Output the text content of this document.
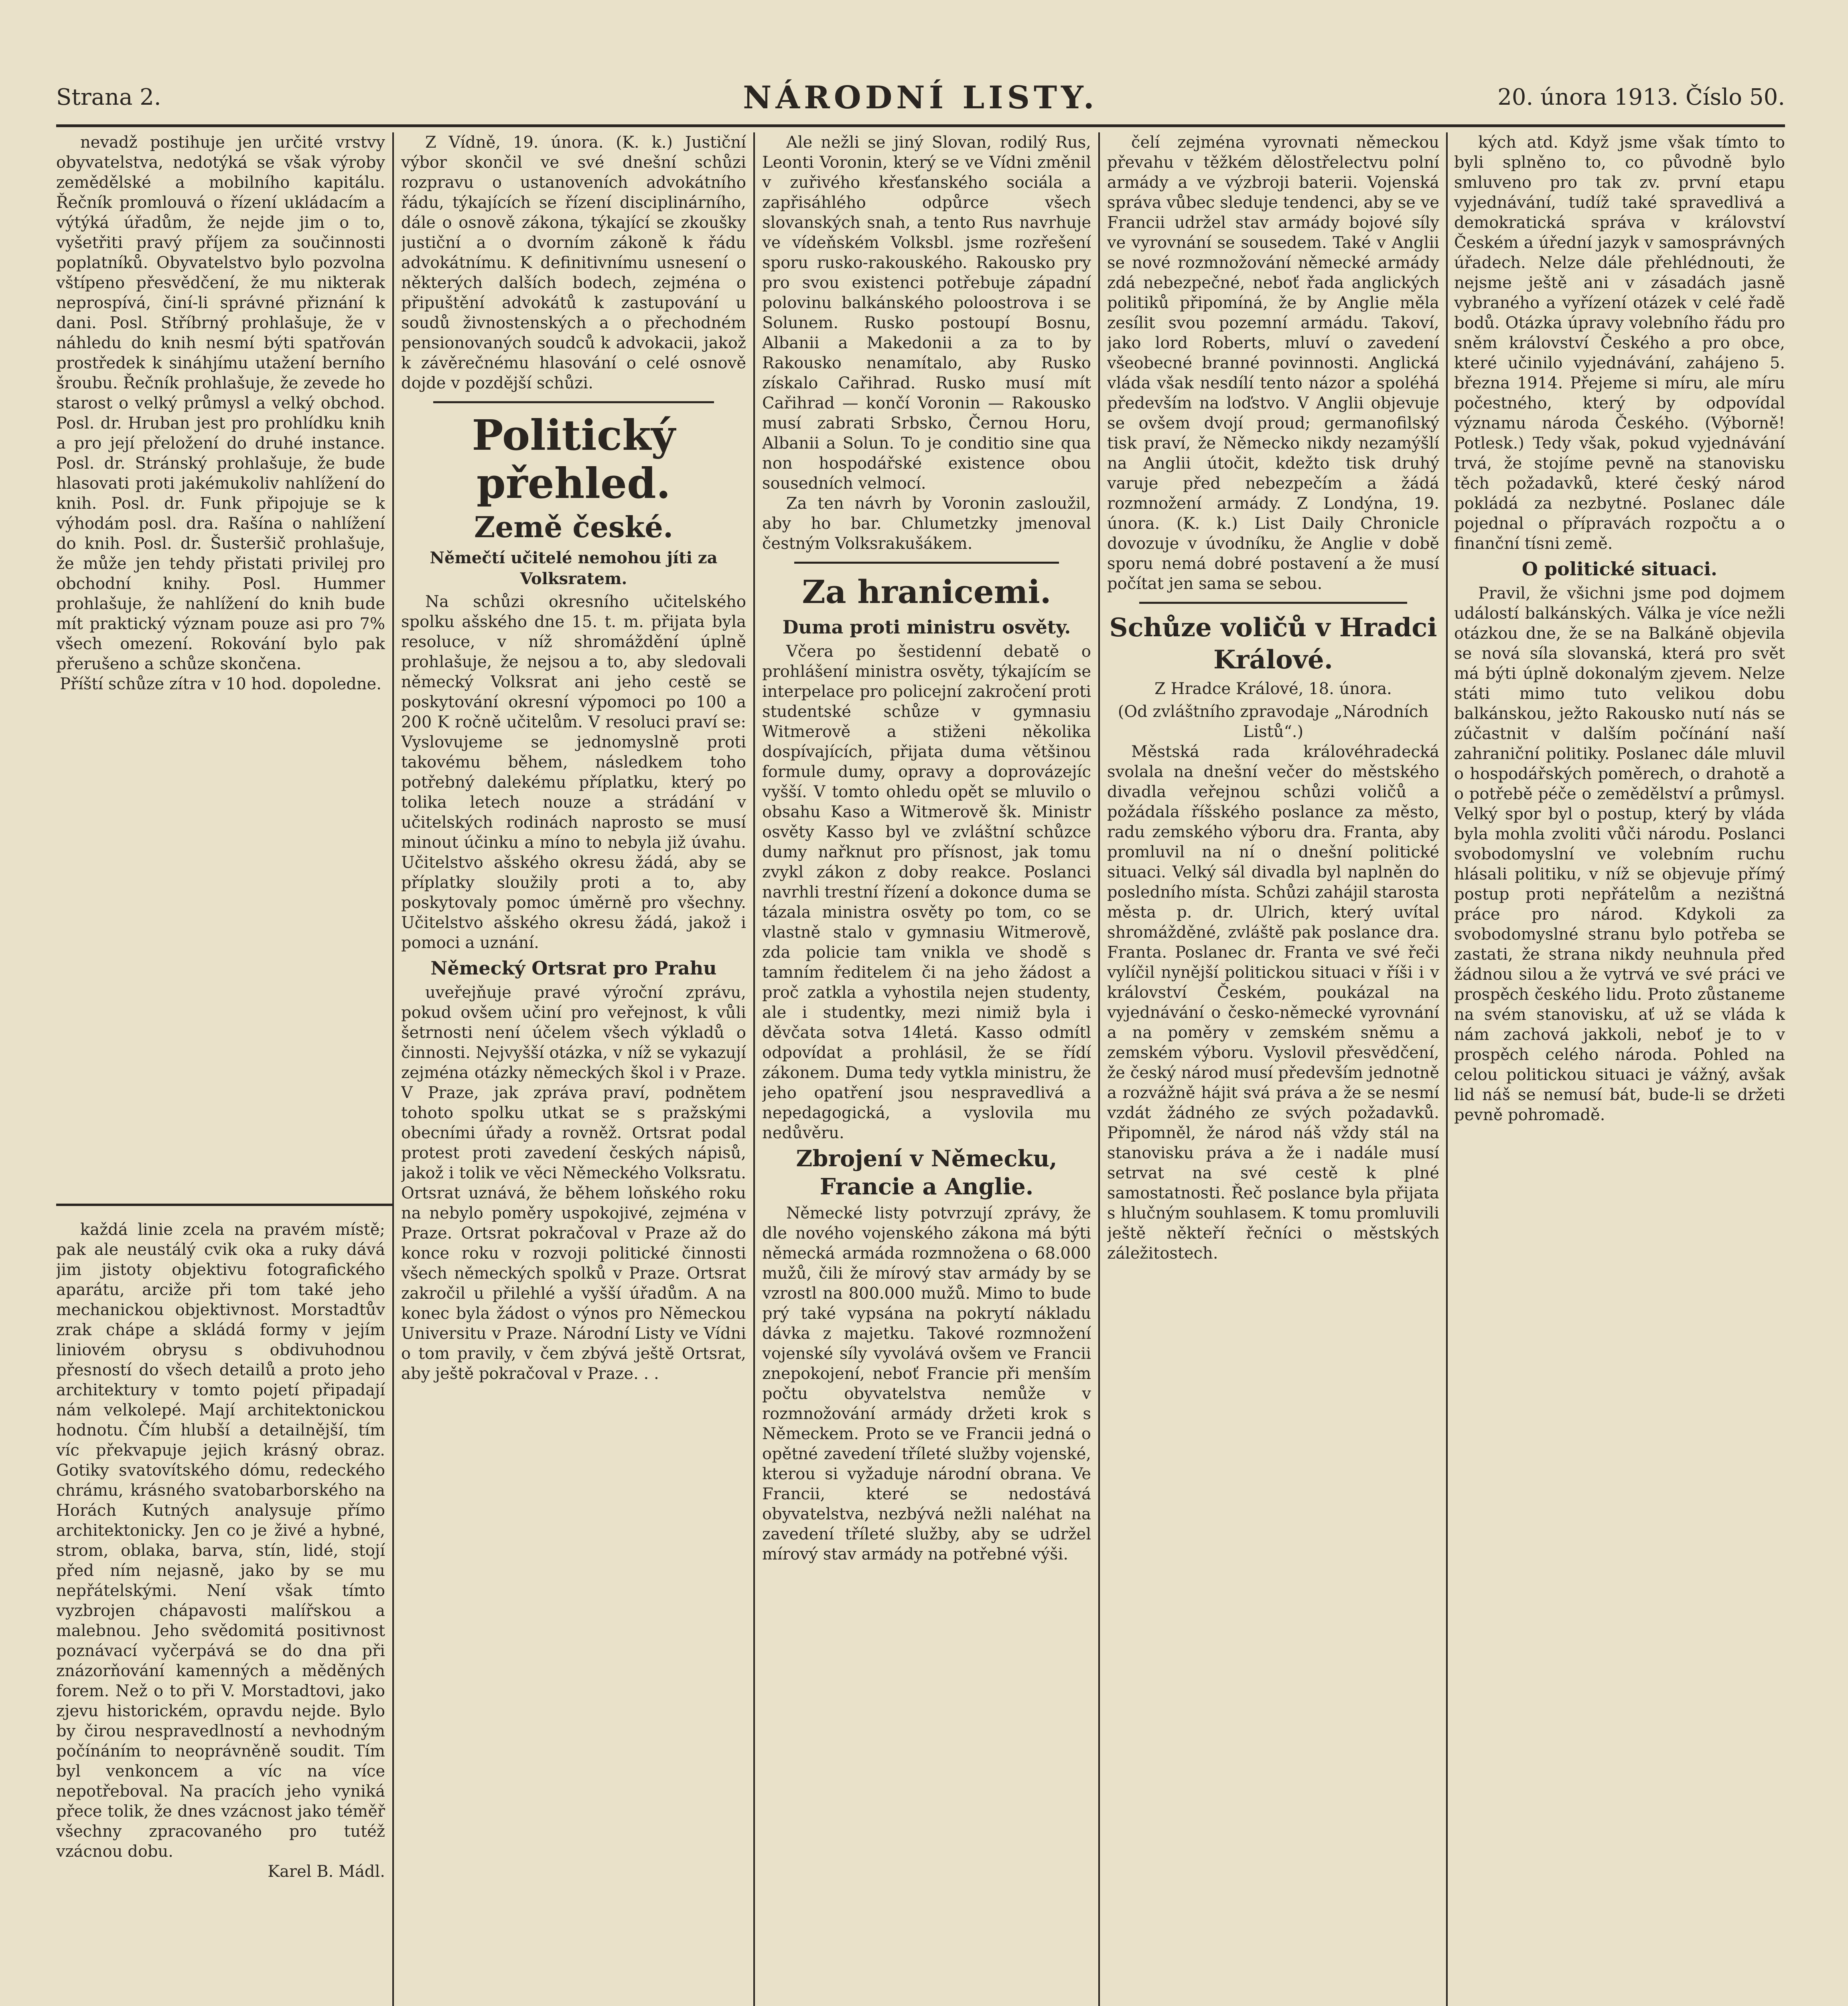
Strana 2.	NÁRODNÍ LISTY.	20. února 1913. Číslo 50.

nevadž postihuje jen určité vrstvy obyvatelstva, nedotýká se však výroby zemědělské a mobilního kapitálu. Řečník promlouvá o řízení ukládacím a výtýká úřadům, že nejde jim o to, vyšetřiti pravý příjem za součinnosti poplatníků. Obyvatelstvo bylo pozvolna vštípeno přesvědčení, že mu nikterak neprospívá, činí-li správné přiznání k dani. Posl. Stříbrný prohlašuje, že v náhledu do knih nesmí býti spatřován prostředek k sináhjímu utažení berního šroubu. Řečník prohlašuje, že zevede ho starost o velký průmysl a velký obchod. Posl. dr. Hruban jest pro prohlídku knih a pro její přeložení do druhé instance. Posl. dr. Stránský prohlašuje, že bude hlasovati proti jakémukoliv nahlížení do knih. Posl. dr. Funk připojuje se k výhodám posl. dra. Rašína o nahlížení do knih. Posl. dr. Šusteršič prohlašuje, že může jen tehdy přistati privilej pro obchodní knihy. Posl. Hummer prohlašuje, že nahlížení do knih bude mít praktický význam pouze asi pro 7% všech omezení. Rokování bylo pak přerušeno a schůze skončena.

Příští schůze zítra v 10 hod. dopoledne.

každá linie zcela na pravém místě; pak ale neustálý cvik oka a ruky dává jim jistoty objektivu fotografického aparátu, arciže při tom také jeho mechanickou objektivnost. Morstadtův zrak chápe a skládá formy v jejím liniovém obrysu s obdivuhodnou přesností do všech detailů a proto jeho architektury v tomto pojetí připadají nám velkolepé. Mají architektonickou hodnotu. Čím hlubší a detailnější, tím víc překvapuje jejich krásný obraz. Gotiky svatovítského dómu, redeckého chrámu, krásného svatobarborského na Horách Kutných analysuje přímo architektonicky. Jen co je živé a hybné, strom, oblaka, barva, stín, lidé, stojí před ním nejasně, jako by se mu nepřátelskými. Není však tímto vyzbrojen chápavosti malířskou a malebnou. Jeho svědomitá positivnost poznávací vyčerpává se do dna při znázorňování kamenných a měděných forem. Než o to při V. Morstadtovi, jako zjevu historickém, opravdu nejde. Bylo by čirou nespravedlností a nevhodným počínáním to neoprávněně soudit. Tím byl venkoncem a víc na více nepotřeboval. Na pracích jeho vyniká přece tolik, že dnes vzácnost jako téměř všechny zpracovaného pro tutéž vzácnou dobu.

Karel B. Mádl.

Z Vídně, 19. února. (K. k.) Justiční výbor skončil ve své dnešní schůzi rozpravu o ustanoveních advokátního řádu, týkajících se řízení disciplinárního, dále o osnově zákona, týkající se zkoušky justiční a o dvorním zákoně k řádu advokátnímu. K definitivnímu usnesení o některých dalších bodech, zejména o připuštění advokátů k zastupování u soudů živnostenských a o přechodném pensionovaných soudců k advokacii, jakož k závěrečnému hlasování o celé osnově dojde v pozdější schůzi.

Politický přehled.
Země české.
Němečtí učitelé nemohou jíti za Volksratem.

Na schůzi okresního učitelského spolku ašského dne 15. t. m. přijata byla resoluce, v níž shromáždění úplně prohlašuje, že nejsou a to, aby sledovali německý Volksrat ani jeho cestě se poskytování okresní výpomoci po 100 a 200 K ročně učitelům. V resoluci praví se: Vyslovujeme se jednomyslně proti takovému během, následkem toho potřebný dalekému příplatku, který po tolika letech nouze a strádání v učitelských rodinách naprosto se musí minout účinku a míno to nebyla již úvahu. Učitelstvo ašského okresu žádá, aby se příplatky sloužily proti a to, aby poskytovaly pomoc úměrně pro všechny. Učitelstvo ašského okresu žádá, jakož i pomoci a uznání.

Německý Ortsrat pro Prahu

uveřejňuje pravé výroční zprávu, pokud ovšem učiní pro veřejnost, k vůli šetrnosti není účelem všech výkladů o činnosti. Nejvyšší otázka, v níž se vykazují zejména otázky německých škol i v Praze. V Praze, jak zpráva praví, podnětem tohoto spolku utkat se s pražskými obecními úřady a rovněž. Ortsrat podal protest proti zavedení českých nápisů, jakož i tolik ve věci Německého Volksratu. Ortsrat uznává, že během loňského roku na nebylo poměry uspokojivé, zejména v Praze. Ortsrat pokračoval v Praze až do konce roku v rozvoji politické činnosti všech německých spolků v Praze. Ortsrat zakročil u přilehlé a vyšší úřadům. A na konec byla žádost o výnos pro Německou Universitu v Praze. Národní Listy ve Vídni o tom pravily, v čem zbývá ještě Ortsrat, aby ještě pokračoval v Praze. . .

Ale nežli se jiný Slovan, rodilý Rus, Leonti Voronin, který se ve Vídni změnil v zuřivého křesťanského sociála a zapřisáhlého odpůrce všech slovanských snah, a tento Rus navrhuje ve vídeňském Volksbl. jsme rozřešení sporu rusko-rakouského. Rakousko pry pro svou existenci potřebuje západní polovinu balkánského poloostrova i se Solunem. Rusko postoupí Bosnu, Albanii a Makedonii a za to by Rakousko nenamítalo, aby Rusko získalo Cařihrad. Rusko musí mít Cařihrad — končí Voronin — Rakousko musí zabrati Srbsko, Černou Horu, Albanii a Solun. To je conditio sine qua non hospodářské existence obou sousedních velmocí.

Za ten návrh by Voronin zasloužil, aby ho bar. Chlumetzky jmenoval čestným Volksrakušákem.

Za hranicemi.
Duma proti ministru osvěty.

Včera po šestidenní debatě o prohlášení ministra osvěty, týkajícím se interpelace pro policejní zakročení proti studentské schůze v gymnasiu Witmerově a stiženi několika dospívajících, přijata duma většinou formule dumy, opravy a doprovázejíc vyšší. V tomto ohledu opět se mluvilo o obsahu Kaso a Witmerově šk. Ministr osvěty Kasso byl ve zvláštní schůzce dumy nařknut pro přísnost, jak tomu zvykl zákon z doby reakce. Poslanci navrhli trestní řízení a dokonce duma se tázala ministra osvěty po tom, co se vlastně stalo v gymnasiu Witmerově, zda policie tam vnikla ve shodě s tamním ředitelem či na jeho žádost a proč zatkla a vyhostila nejen studenty, ale i studentky, mezi nimiž byla i děvčata sotva 14letá. Kasso odmítl odpovídat a prohlásil, že se řídí zákonem. Duma tedy vytkla ministru, že jeho opatření jsou nespravedlivá a nepedagogická, a vyslovila mu nedůvěru.

Zbrojení v Německu, Francie a Anglie.

Německé listy potvrzují zprávy, že dle nového vojenského zákona má býti německá armáda rozmnožena o 68.000 mužů, čili že mírový stav armády by se vzrostl na 800.000 mužů. Mimo to bude prý také vypsána na pokrytí nákladu dávka z majetku. Takové rozmnožení vojenské síly vyvolává ovšem ve Francii znepokojení, neboť Francie při menším počtu obyvatelstva nemůže v rozmnožování armády držeti krok s Německem. Proto se ve Francii jedná o opětné zavedení tříleté služby vojenské, kterou si vyžaduje národní obrana. Ve Francii, které se nedostává obyvatelstva, nezbývá nežli naléhat na zavedení tříleté služby, aby se udržel mírový stav armády na potřebné výši.

čelí zejména vyrovnati německou převahu v těžkém dělostřelectvu polní armády a ve výzbroji baterii. Vojenská správa vůbec sleduje tendenci, aby se ve Francii udržel stav armády bojové síly ve vyrovnání se sousedem. Také v Anglii se nové rozmnožování německé armády zdá nebezpečné, neboť řada anglických politiků připomíná, že by Anglie měla zesílit svou pozemní armádu. Takoví, jako lord Roberts, mluví o zavedení všeobecné branné povinnosti. Anglická vláda však nesdílí tento názor a spoléhá především na loďstvo. V Anglii objevuje se ovšem dvojí proud; germanofilský tisk praví, že Německo nikdy nezamýšlí na Anglii útočit, kdežto tisk druhý varuje před nebezpečím a žádá rozmnožení armády. Z Londýna, 19. února. (K. k.) List Daily Chronicle dovozuje v úvodníku, že Anglie v době sporu nemá dobré postavení a že musí počítat jen sama se sebou.

Schůze voličů v Hradci Králové.
Z Hradce Králové, 18. února.
(Od zvláštního zpravodaje „Národních Listů“.)

Městská rada královéhradecká svolala na dnešní večer do městského divadla veřejnou schůzi voličů a požádala říšského poslance za město, radu zemského výboru dra. Franta, aby promluvil na ní o dnešní politické situaci. Velký sál divadla byl naplněn do posledního místa. Schůzi zahájil starosta města p. dr. Ulrich, který uvítal shromážděné, zvláště pak poslance dra. Franta. Poslanec dr. Franta ve své řeči vylíčil nynější politickou situaci v říši i v království Českém, poukázal na vyjednávání o česko-německé vyrovnání a na poměry v zemském sněmu a zemském výboru. Vyslovil přesvědčení, že český národ musí především jednotně a rozvážně hájit svá práva a že se nesmí vzdát žádného ze svých požadavků. Připomněl, že národ náš vždy stál na stanovisku práva a že i nadále musí setrvat na své cestě k plné samostatnosti. Řeč poslance byla přijata s hlučným souhlasem. K tomu promluvili ještě někteří řečníci o městských záležitostech.

kých atd. Když jsme však tímto to byli splněno to, co původně bylo smluveno pro tak zv. první etapu vyjednávání, tudíž také spravedlivá a demokratická správa v království Českém a úřední jazyk v samosprávných úřadech. Nelze dále přehlédnouti, že nejsme ještě ani v zásadách jasně vybraného a vyřízení otázek v celé řadě bodů. Otázka úpravy volebního řádu pro sněm království Českého a pro obce, které učinilo vyjednávání, zahájeno 5. března 1914. Přejeme si míru, ale míru počestného, který by odpovídal významu národa Českého. (Výborně! Potlesk.) Tedy však, pokud vyjednávání trvá, že stojíme pevně na stanovisku těch požadavků, které český národ pokládá za nezbytné. Poslanec dále pojednal o přípravách rozpočtu a o finanční tísni země.

O politické situaci.

Pravil, že všichni jsme pod dojmem událostí balkánských. Válka je více nežli otázkou dne, že se na Balkáně objevila se nová síla slovanská, která pro svět má býti úplně dokonalým zjevem. Nelze státi mimo tuto velikou dobu balkánskou, ježto Rakousko nutí nás se zúčastnit v dalším počínání naší zahraniční politiky. Poslanec dále mluvil o hospodářských poměrech, o drahotě a o potřebě péče o zemědělství a průmysl. Velký spor byl o postup, který by vláda byla mohla zvoliti vůči národu. Poslanci svobodomyslní ve volebním ruchu hlásali politiku, v níž se objevuje přímý postup proti nepřátelům a nezištná práce pro národ. Kdykoli za svobodomyslné stranu bylo potřeba se zastati, že strana nikdy neuhnula před žádnou silou a že vytrvá ve své práci ve prospěch českého lidu. Proto zůstaneme na svém stanovisku, ať už se vláda k nám zachová jakkoli, neboť je to v prospěch celého národa. Pohled na celou politickou situaci je vážný, avšak lid náš se nemusí bát, bude-li se držeti pevně pohromadě.
